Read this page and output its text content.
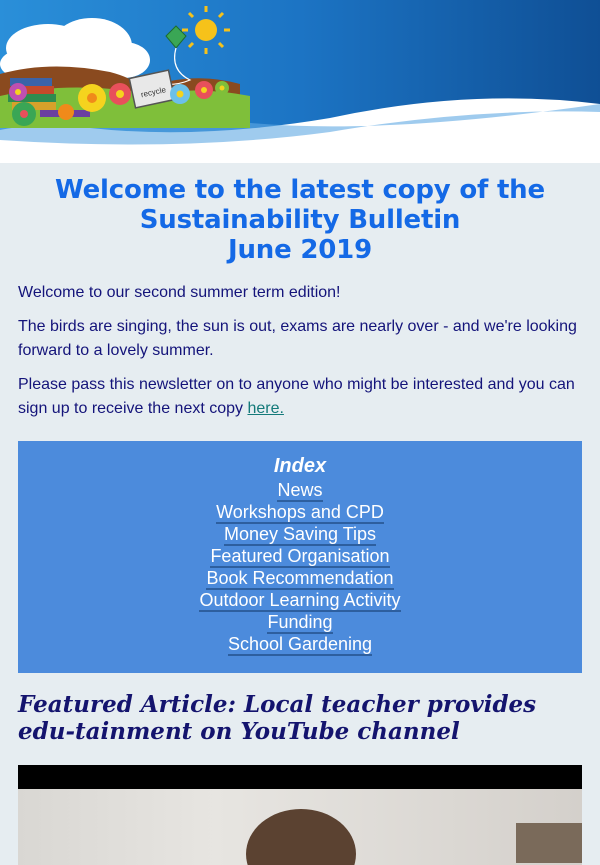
recycle
Welcome to the latest copy of the
Sustainability Bulletin
June 2019

Welcome to our second summer term edition!

The birds are singing, the sun is out, exams are nearly over - and we're looking forward to a lovely summer.

Please pass this newsletter on to anyone who might be interested and you can sign up to receive the next copy here.

Index
News
Workshops and CPD
Money Saving Tips
Featured Organisation
Book Recommendation
Outdoor Learning Activity
Funding
School Gardening
Featured Article: Local teacher provides edu-tainment on YouTube channel
